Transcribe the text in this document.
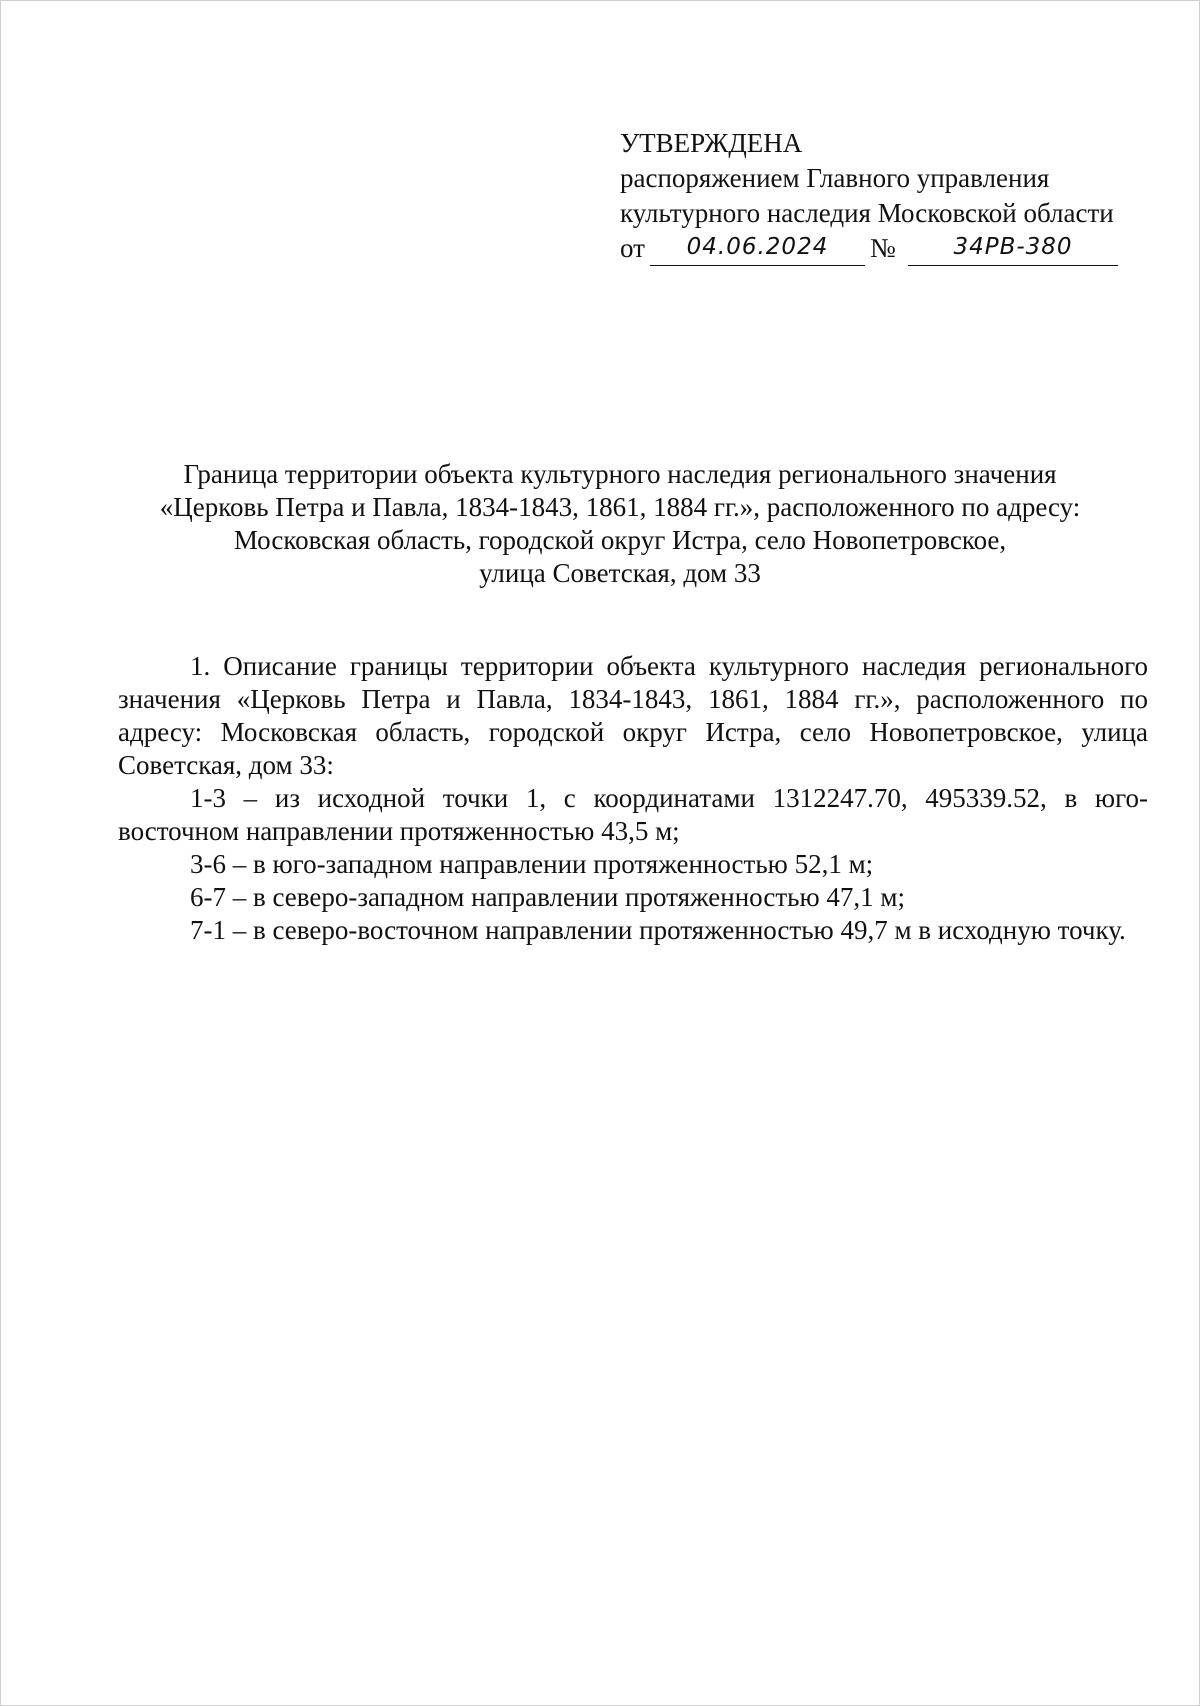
УТВЕРЖДЕНА
распоряжением Главного управления
культурного наследия Московской области
от	04.06.2024	№	34РВ-380
Граница территории объекта культурного наследия регионального значения
«Церковь Петра и Павла, 1834-1843, 1861, 1884 гг.», расположенного по адресу:
Московская область, городской округ Истра, село Новопетровское,
улица Советская, дом 33

1. Описание границы территории объекта культурного наследия регионального значения «Церковь Петра и Павла, 1834-1843, 1861, 1884 гг.», расположенного по адресу: Московская область, городской округ Истра, село Новопетровское, улица Советская, дом 33:

1-3 – из исходной точки 1, с координатами 1312247.70, 495339.52, в юго-восточном направлении протяженностью 43,5 м;

3-6 – в юго-западном направлении протяженностью 52,1 м;

6-7 – в северо-западном направлении протяженностью 47,1 м;

7-1 – в северо-восточном направлении протяженностью 49,7 м в исходную точку.
